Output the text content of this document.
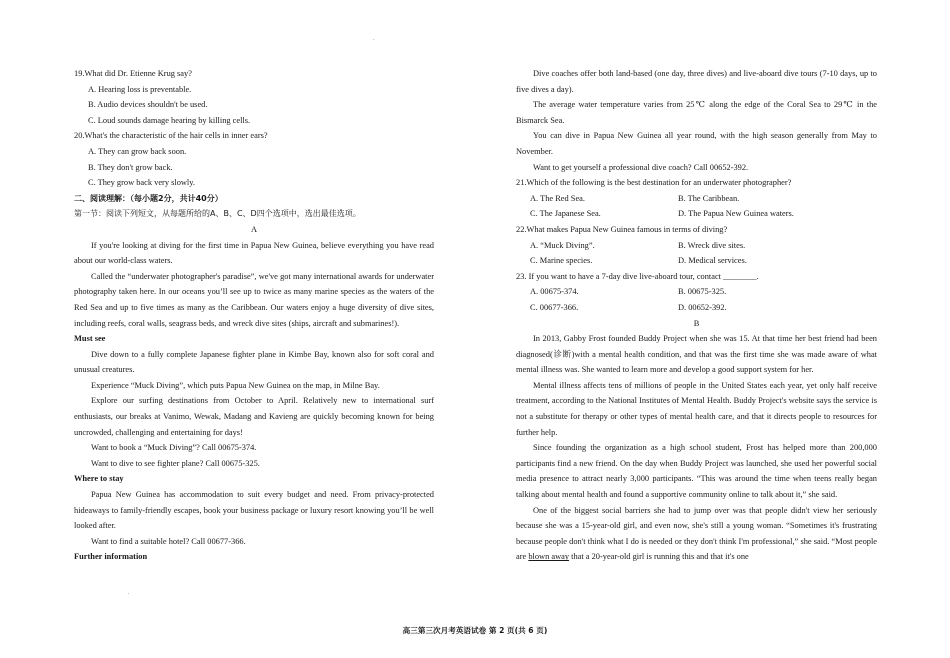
.
.

19.What did Dr. Etienne Krug say?

A. Hearing loss is preventable.

B. Audio devices shouldn't be used.

C. Loud sounds damage hearing by killing cells.

20.What's the characteristic of the hair cells in inner ears?

A. They can grow back soon.

B. They don't grow back.

C. They grow back very slowly.

二、阅读理解：（每小题2分，共计40分）

第一节：阅读下列短文，从每题所给的A、B、C、D四个选项中，选出最佳选项。

A

If you're looking at diving for the first time in Papua New Guinea, believe everything you have read about our world-class waters.

Called the “underwater photographer's paradise”, we've got many international awards for underwater photography taken here. In our oceans you’ll see up to twice as many marine species as the waters of the Red Sea and up to five times as many as the Caribbean. Our waters enjoy a huge diversity of dive sites, including reefs, coral walls, seagrass beds, and wreck dive sites (ships, aircraft and submarines!).

Must see

Dive down to a fully complete Japanese fighter plane in Kimbe Bay, known also for soft coral and unusual creatures.

Experience “Muck Diving”, which puts Papua New Guinea on the map, in Milne Bay.

Explore our surfing destinations from October to April. Relatively new to international surf enthusiasts, our breaks at Vanimo, Wewak, Madang and Kavieng are quickly becoming known for being uncrowded, challenging and entertaining for days!

Want to book a “Muck Diving”? Call 00675-374.

Want to dive to see fighter plane? Call 00675-325.

Where to stay

Papua New Guinea has accommodation to suit every budget and need. From privacy-protected hideaways to family-friendly escapes, book your business package or luxury resort knowing you’ll be well looked after.

Want to find a suitable hotel? Call 00677-366.

Further information

Dive coaches offer both land-based (one day, three dives) and live-aboard dive tours (7-10 days, up to five dives a day).

The average water temperature varies from 25℃ along the edge of the Coral Sea to 29℃ in the Bismarck Sea.

You can dive in Papua New Guinea all year round, with the high season generally from May to November.

Want to get yourself a professional dive coach? Call 00652-392.

21.Which of the following is the best destination for an underwater photographer?

A. The Red Sea.	B. The Caribbean.
C. The Japanese Sea.	D. The Papua New Guinea waters.

22.What makes Papua New Guinea famous in terms of diving?

A. “Muck Diving”.	B. Wreck dive sites.
C. Marine species.	D. Medical services.

23. If you want to have a 7-day dive live-aboard tour, contact ________.

A. 00675-374.	B. 00675-325.
C. 00677-366.	D. 00652-392.

B

In 2013, Gabby Frost founded Buddy Project when she was 15. At that time her best friend had been diagnosed(诊断)with a mental health condition, and that was the first time she was made aware of what mental illness was. She wanted to learn more and develop a good support system for her.

Mental illness affects tens of millions of people in the United States each year, yet only half receive treatment, according to the National Institutes of Mental Health. Buddy Project's website says the service is not a substitute for therapy or other types of mental health care, and that it directs people to resources for further help.

Since founding the organization as a high school student, Frost has helped more than 200,000 participants find a new friend. On the day when Buddy Project was launched, she used her powerful social media presence to attract nearly 3,000 participants. “This was around the time when teens really began talking about mental health and found a supportive community online to talk about it,” she said.

One of the biggest social barriers she had to jump over was that people didn't view her seriously because she was a 15-year-old girl, and even now, she's still a young woman. “Sometimes it's frustrating because people don't think what I do is needed or they don't think I'm professional,” she said. “Most people are blown away that a 20-year-old girl is running this and that it's one

高三第三次月考英语试卷 第 2 页(共 6 页)
